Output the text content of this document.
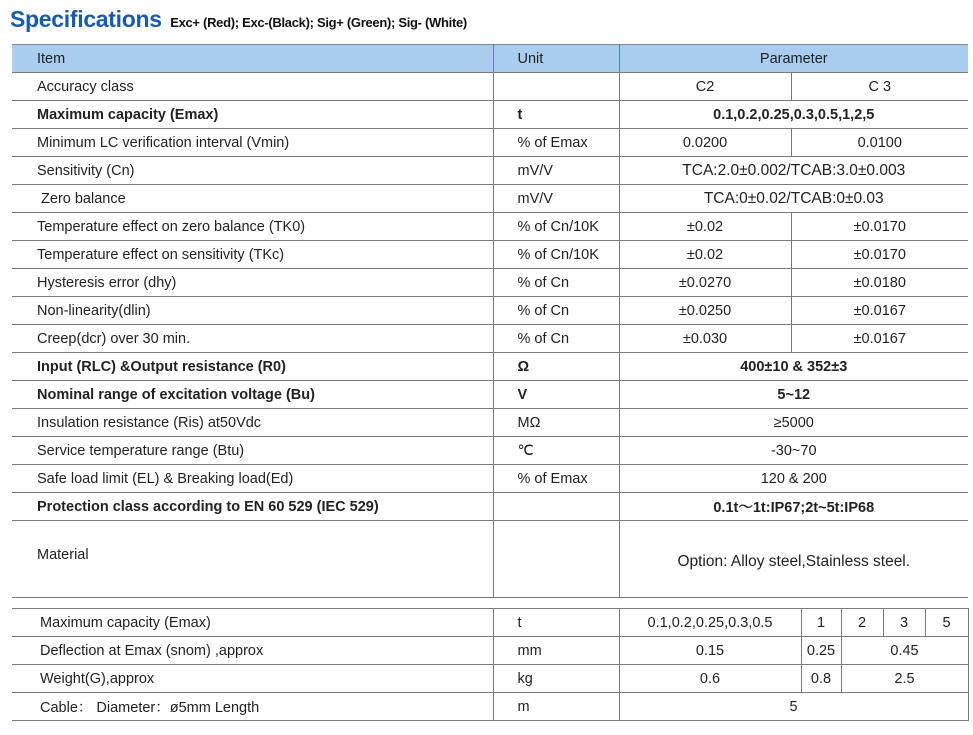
Specifications Exc+ (Red); Exc-(Black); Sig+ (Green); Sig- (White)
Item	Unit	Parameter	
Accuracy class		C2	C 3
Maximum capacity (Emax)	t	0.1,0.2,0.25,0.3,0.5,1,2,5	
Minimum LC verification interval (Vmin)	% of Emax	0.0200	0.0100
Sensitivity (Cn)	mV/V	TCA:2.0±0.002/TCAB:3.0±0.003	
Zero balance	mV/V	TCA:0±0.02/TCAB:0±0.03	
Temperature effect on zero balance (TK0)	% of Cn/10K	±0.02	±0.0170
Temperature effect on sensitivity (TKc)	% of Cn/10K	±0.02	±0.0170
Hysteresis error (dhy)	% of Cn	±0.0270	±0.0180
Non-linearity(dlin)	% of Cn	±0.0250	±0.0167
Creep(dcr) over 30 min.	% of Cn	±0.030	±0.0167
Input (RLC) &Output resistance (R0)	Ω	400±10 & 352±3	
Nominal range of excitation voltage (Bu)	V	5~12	
Insulation resistance (Ris) at50Vdc	MΩ	≥5000	
Service temperature range (Btu)	℃	-30~70	
Safe load limit (EL) & Breaking load(Ed)	% of Emax	120 & 200	
Protection class according to EN 60 529 (IEC 529)		0.1t～1t:IP67;2t~5t:IP68	
Material		Option: Alloy steel,Stainless steel.	
Maximum capacity (Emax)	t	0.1,0.2,0.25,0.3,0.5	1	2	3	5
Deflection at Emax (snom) ,approx	mm	0.15	0.25	0.45		
Weight(G),approx	kg	0.6	0.8	2.5		
Cable： Diameter：ø5mm Length	m	5				
